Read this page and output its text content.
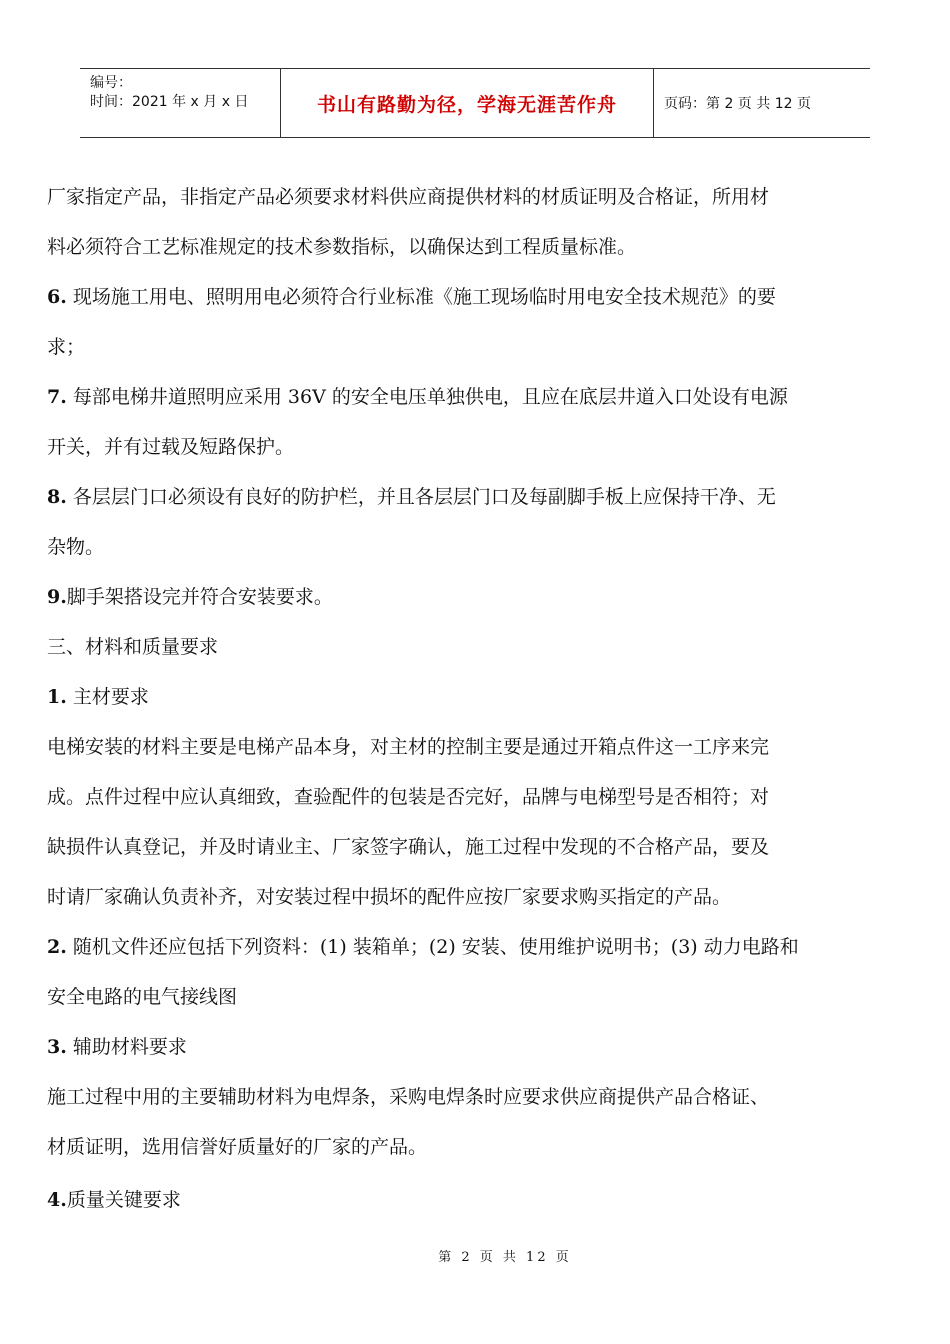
编号：
时间：2021 年 x 月 x 日	书山有路勤为径，学海无涯苦作舟	页码：第 2 页 共 12 页
厂家指定产品，非指定产品必须要求材料供应商提供材料的材质证明及合格证，所用材
料必须符合工艺标准规定的技术参数指标，以确保达到工程质量标准。
6. 现场施工用电、照明用电必须符合行业标准《施工现场临时用电安全技术规范》的要
求；
7. 每部电梯井道照明应采用 36V 的安全电压单独供电，且应在底层井道入口处设有电源
开关，并有过载及短路保护。
8. 各层层门口必须设有良好的防护栏，并且各层层门口及每副脚手板上应保持干净、无
杂物。
9.脚手架搭设完并符合安装要求。
三、材料和质量要求
1. 主材要求
电梯安装的材料主要是电梯产品本身，对主材的控制主要是通过开箱点件这一工序来完
成。点件过程中应认真细致，查验配件的包装是否完好，品牌与电梯型号是否相符；对
缺损件认真登记，并及时请业主、厂家签字确认，施工过程中发现的不合格产品，要及
时请厂家确认负责补齐，对安装过程中损坏的配件应按厂家要求购买指定的产品。
2. 随机文件还应包括下列资料：(1) 装箱单；(2) 安装、使用维护说明书；(3) 动力电路和
安全电路的电气接线图
3. 辅助材料要求
施工过程中用的主要辅助材料为电焊条，采购电焊条时应要求供应商提供产品合格证、
材质证明，选用信誉好质量好的厂家的产品。
4.质量关键要求
第 2 页 共 12 页
